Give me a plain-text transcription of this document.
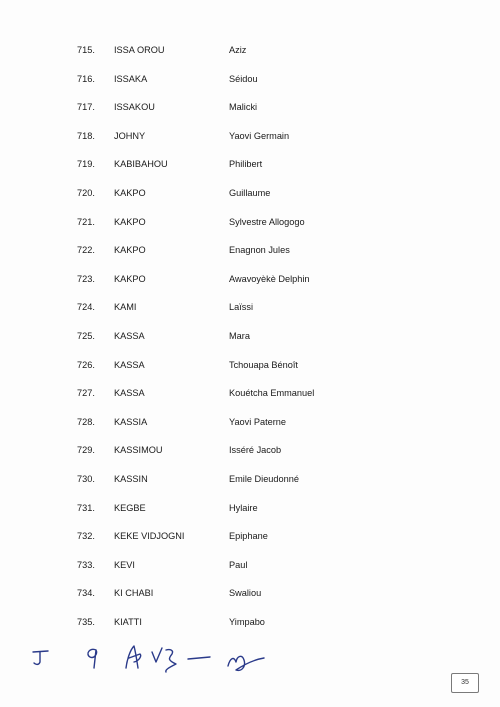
715. ISSA OROU	Aziz
716. ISSAKA	Séidou
717. ISSAKOU	Malicki
718. JOHNY	Yaovi Germain
719. KABIBAHOU	Philibert
720. KAKPO	Guillaume
721. KAKPO	Sylvestre Allogogo
722. KAKPO	Enagnon Jules
723. KAKPO	Awavoyèkè Delphin
724. KAMI	Laïssi
725. KASSA	Mara
726. KASSA	Tchouapa Bénoît
727. KASSA	Kouétcha Emmanuel
728. KASSIA	Yaovi Paterne
729. KASSIMOU	Isséré Jacob
730. KASSIN	Emile Dieudonné
731. KEGBE	Hylaire
732. KEKE VIDJOGNI	Epiphane
733. KEVI	Paul
734. KI CHABI	Swaliou
735. KIATTI	Yimpabo
35
